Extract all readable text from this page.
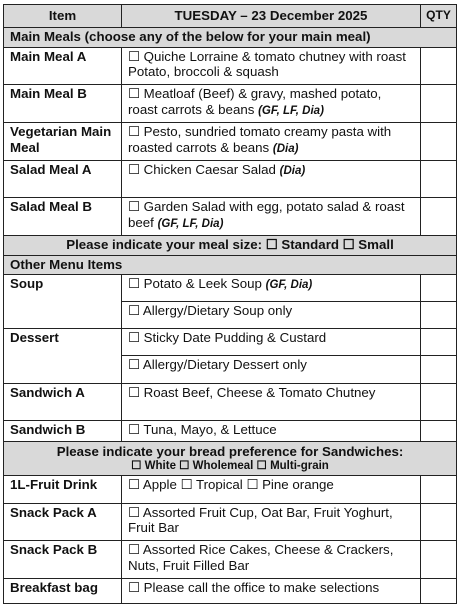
Item	TUESDAY – 23 December 2025	QTY
Main Meals (choose any of the below for your main meal)		
Main Meal A	☐ Quiche Lorraine & tomato chutney with roast Potato, broccoli & squash	
Main Meal B	☐ Meatloaf (Beef) & gravy, mashed potato, roast carrots & beans (GF, LF, Dia)	
Vegetarian Main Meal	☐ Pesto, sundried tomato creamy pasta with roasted carrots & beans (Dia)	
Salad Meal A	☐ Chicken Caesar Salad (Dia)	
Salad Meal B	☐ Garden Salad with egg, potato salad & roast beef (GF, LF, Dia)	
Please indicate your meal size: ☐ Standard ☐ Small		
Other Menu Items		
Soup	☐ Potato & Leek Soup (GF, Dia)	
	☐ Allergy/Dietary Soup only	
Dessert	☐ Sticky Date Pudding & Custard	
	☐ Allergy/Dietary Dessert only	
Sandwich A	☐ Roast Beef, Cheese & Tomato Chutney	
Sandwich B	☐ Tuna, Mayo, & Lettuce	
Please indicate your bread preference for Sandwiches:
☐ White ☐ Wholemeal ☐ Multi-grain		

1L-Fruit Drink	☐ Apple ☐ Tropical ☐ Pine orange	
Snack Pack A	☐ Assorted Fruit Cup, Oat Bar, Fruit Yoghurt, Fruit Bar	
Snack Pack B	☐ Assorted Rice Cakes, Cheese & Crackers, Nuts, Fruit Filled Bar	
Breakfast bag	☐ Please call the office to make selections	
